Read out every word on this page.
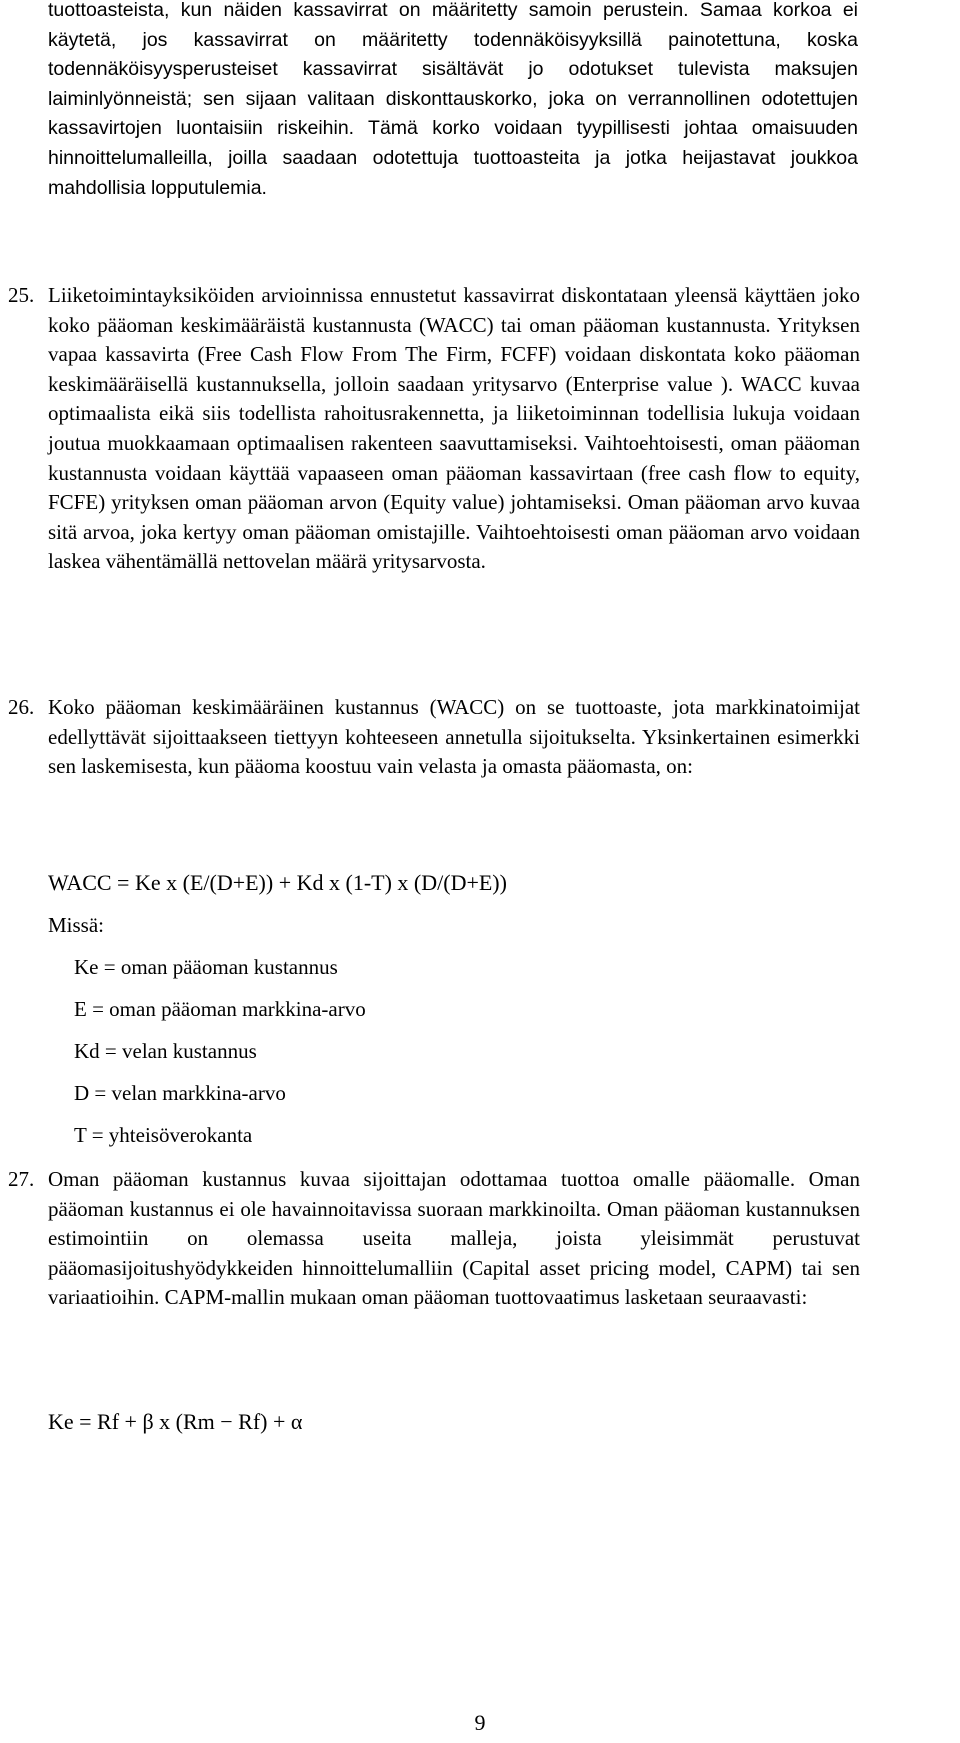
tuottoasteista, kun näiden kassavirrat on määritetty samoin perustein. Samaa korkoa ei käytetä, jos kassavirrat on määritetty todennäköisyyksillä painotettuna, koska todennäköisyysperusteiset kassavirrat sisältävät jo odotukset tulevista maksujen laiminlyönneistä; sen sijaan valitaan diskonttauskorko, joka on verrannollinen odotettujen kassavirtojen luontaisiin riskeihin. Tämä korko voidaan tyypillisesti johtaa omaisuuden hinnoittelumalleilla, joilla saadaan odotettuja tuottoasteita ja jotka heijastavat joukkoa mahdollisia lopputulemia.

25. Liiketoimintayksiköiden arvioinnissa ennustetut kassavirrat diskontataan yleensä käyttäen joko koko pääoman keskimääräistä kustannusta (WACC) tai oman pääoman kustannusta. Yrityksen vapaa kassavirta (Free Cash Flow From The Firm, FCFF) voidaan diskontata koko pääoman keskimääräisellä kustannuksella, jolloin saadaan yritysarvo (Enterprise value ). WACC kuvaa optimaalista eikä siis todellista rahoitusrakennetta, ja liiketoiminnan todellisia lukuja voidaan joutua muokkaamaan optimaalisen rakenteen saavuttamiseksi. Vaihtoehtoisesti, oman pääoman kustannusta voidaan käyttää vapaaseen oman pääoman kassavirtaan (free cash flow to equity, FCFE) yrityksen oman pääoman arvon (Equity value) johtamiseksi. Oman pääoman arvo kuvaa sitä arvoa, joka kertyy oman pääoman omistajille. Vaihtoehtoisesti oman pääoman arvo voidaan laskea vähentämällä nettovelan määrä yritysarvosta.

26. Koko pääoman keskimääräinen kustannus (WACC) on se tuottoaste, jota markkinatoimijat edellyttävät sijoittaakseen tiettyyn kohteeseen annetulla sijoitukselta. Yksinkertainen esimerkki sen laskemisesta, kun pääoma koostuu vain velasta ja omasta pääomasta, on:

WACC = Ke x (E/(D+E)) + Kd x (1-T) x (D/(D+E))
Missä:
Ke = oman pääoman kustannus
E = oman pääoman markkina-arvo
Kd = velan kustannus
D = velan markkina-arvo
T = yhteisöverokanta
27. Oman pääoman kustannus kuvaa sijoittajan odottamaa tuottoa omalle pääomalle. Oman pääoman kustannus ei ole havainnoitavissa suoraan markkinoilta. Oman pääoman kustannuksen estimointiin on olemassa useita malleja, joista yleisimmät perustuvat pääomasijoitushyödykkeiden hinnoittelumalliin (Capital asset pricing model, CAPM) tai sen variaatioihin. CAPM-mallin mukaan oman pääoman tuottovaatimus lasketaan seuraavasti:

Ke = Rf + β x (Rm − Rf) + α
9
